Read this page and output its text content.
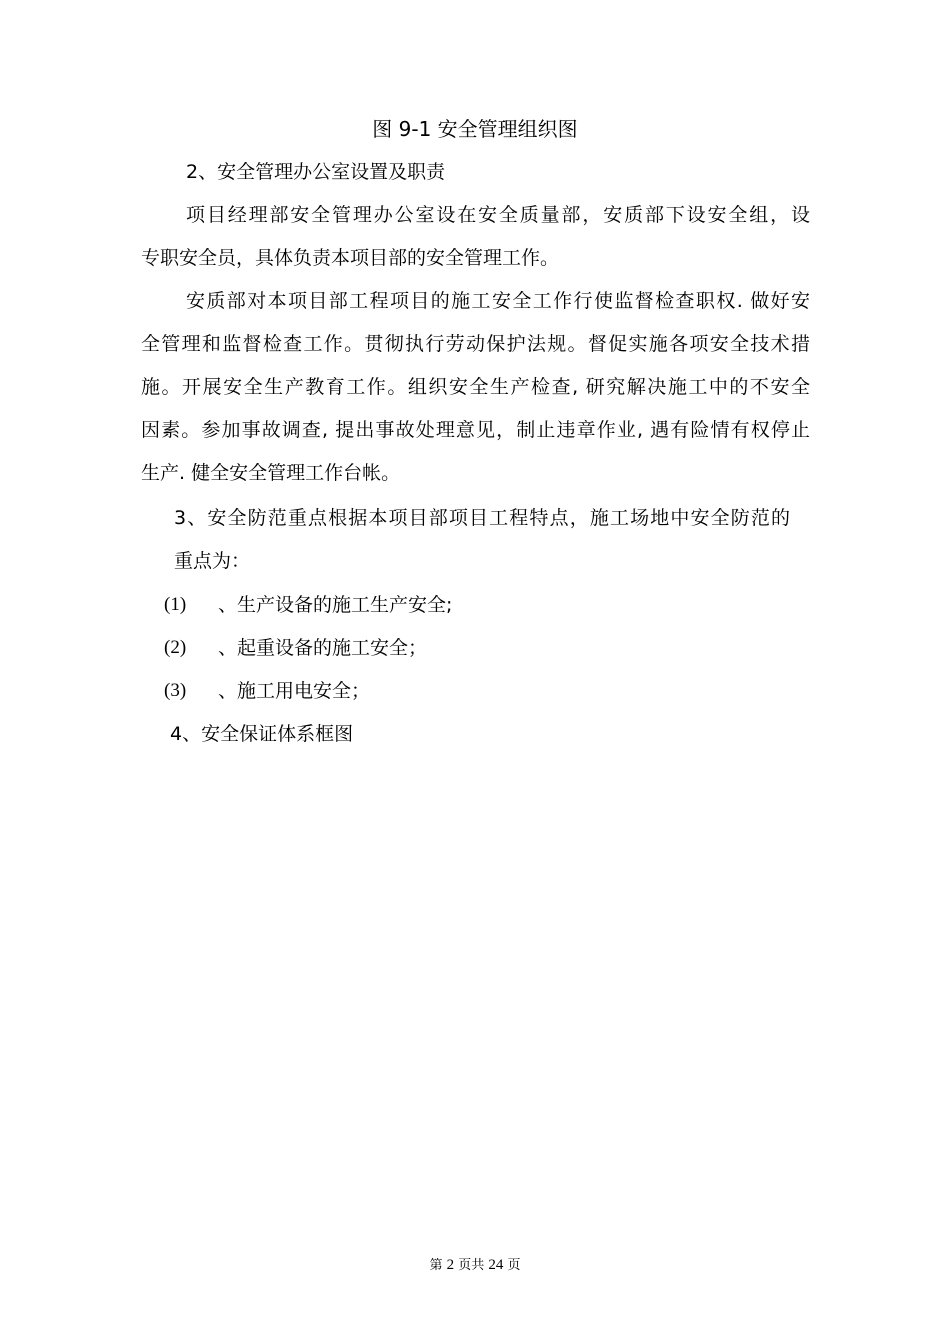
图 9-1 安全管理组织图
2、安全管理办公室设置及职责
项目经理部安全管理办公室设在安全质量部，安质部下设安全组，设
专职安全员，具体负责本项目部的安全管理工作。
安质部对本项目部工程项目的施工安全工作行使监督检查职权. 做好安
全管理和监督检查工作。贯彻执行劳动保护法规。督促实施各项安全技术措
施。开展安全生产教育工作。组织安全生产检查, 研究解决施工中的不安全
因素。参加事故调查, 提出事故处理意见，制止违章作业, 遇有险情有权停止
生产. 健全安全管理工作台帐。
3、安全防范重点根据本项目部项目工程特点，施工场地中安全防范的
重点为：
(1) 、生产设备的施工生产安全;
(2) 、起重设备的施工安全；
(3) 、施工用电安全；
4、安全保证体系框图
第 2 页共 24 页
